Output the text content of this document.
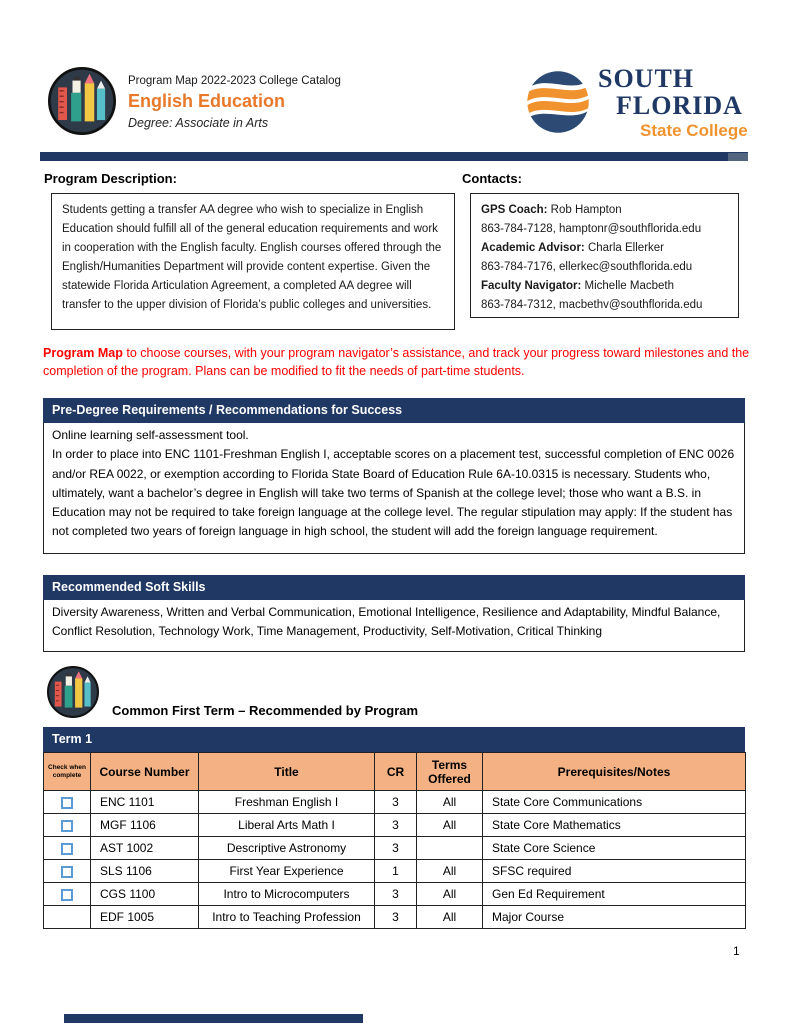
Program Map 2022-2023 College Catalog
English Education
Degree: Associate in Arts
SOUTH
FLORIDA
State College
Program Description:
Students getting a transfer AA degree who wish to specialize in English Education should fulfill all of the general education requirements and work in cooperation with the English faculty. English courses offered through the English/Humanities Department will provide content expertise. Given the statewide Florida Articulation Agreement, a completed AA degree will transfer to the upper division of Florida’s public colleges and universities.
Contacts:
GPS Coach: Rob Hampton
863-784-7128, hamptonr@southflorida.edu
Academic Advisor: Charla Ellerker
863-784-7176, ellerkec@southflorida.edu
Faculty Navigator: Michelle Macbeth
863-784-7312, macbethv@southflorida.edu
Program Map to choose courses, with your program navigator’s assistance, and track your progress toward milestones and the completion of the program. Plans can be modified to fit the needs of part-time students.
Pre-Degree Requirements / Recommendations for Success
Online learning self-assessment tool.
In order to place into ENC 1101-Freshman English I, acceptable scores on a placement test, successful completion of ENC 0026 and/or REA 0022, or exemption according to Florida State Board of Education Rule 6A-10.0315 is necessary. Students who, ultimately, want a bachelor’s degree in English will take two terms of Spanish at the college level; those who want a B.S. in Education may not be required to take foreign language at the college level. The regular stipulation may apply: If the student has not completed two years of foreign language in high school, the student will add the foreign language requirement.
Recommended Soft Skills
Diversity Awareness, Written and Verbal Communication, Emotional Intelligence, Resilience and Adaptability, Mindful Balance, Conflict Resolution, Technology Work, Time Management, Productivity, Self-Motivation, Critical Thinking
Common First Term – Recommended by Program
Term 1
Check when complete	Course Number	Title	CR	Terms Offered	Prerequisites/Notes
	ENC 1101	Freshman English I	3	All	State Core Communications
	MGF 1106	Liberal Arts Math I	3	All	State Core Mathematics
	AST 1002	Descriptive Astronomy	3		State Core Science
	SLS 1106	First Year Experience	1	All	SFSC required
	CGS 1100	Intro to Microcomputers	3	All	Gen Ed Requirement
	EDF 1005	Intro to Teaching Profession	3	All	Major Course
1
